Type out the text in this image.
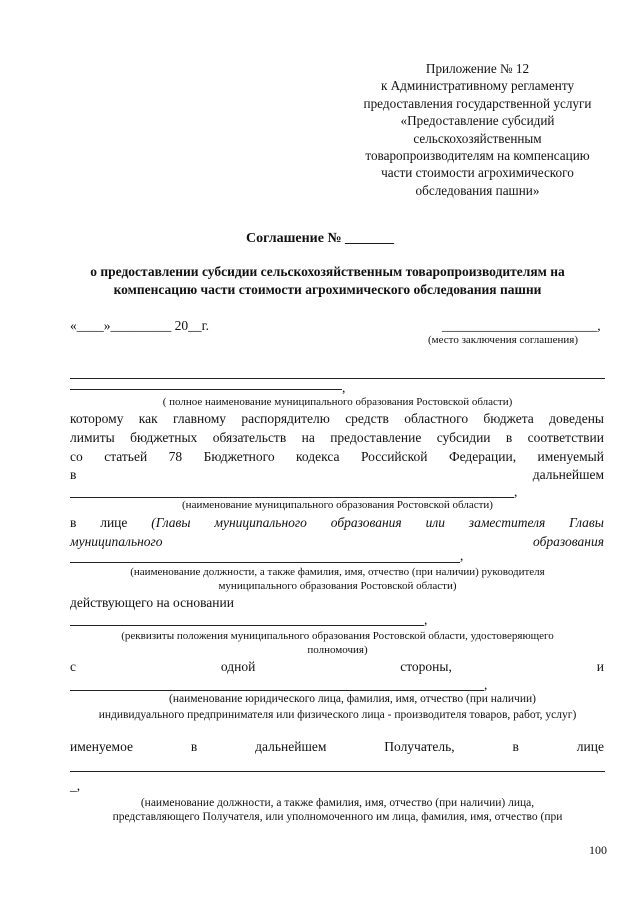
Приложение № 12
к Административному регламенту
предоставления государственной услуги
«Предоставление субсидий
сельскохозяйственным
товаропроизводителям на компенсацию
части стоимости агрохимического
обследования пашни»
Соглашение № _______
о предоставлении субсидии сельскохозяйственным товаропроизводителям на
компенсацию части стоимости агрохимического обследования пашни
«____»_________ 20__г.	_______________________,
(место заключения соглашения)
,
( полное наименование муниципального образования Ростовской области)
которому как главному распорядителю средств областного бюджета доведены
лимиты бюджетных обязательств на предоставление субсидии в соответствии
со статьей 78 Бюджетного кодекса Российской Федерации, именуемый
в	дальнейшем
,
(наименование муниципального образования Ростовской области)
в лице (Главы муниципального образования или заместителя Главы
муниципального	образования
,
(наименование должности, а также фамилия, имя, отчество (при наличии) руководителя
муниципального образования Ростовской области)
действующего на основании
,
(реквизиты положения муниципального образования Ростовской области, удостоверяющего
полномочия)
с	одной	стороны,	и
,
(наименование юридического лица, фамилия, имя, отчество (при наличии)
индивидуального предпринимателя или физического лица - производителя товаров, работ, услуг)
именуемое	в	дальнейшем	Получатель,	в	лице
_,
(наименование должности, а также фамилия, имя, отчество (при наличии) лица,
представляющего Получателя, или уполномоченного им лица, фамилия, имя, отчество (при
100
